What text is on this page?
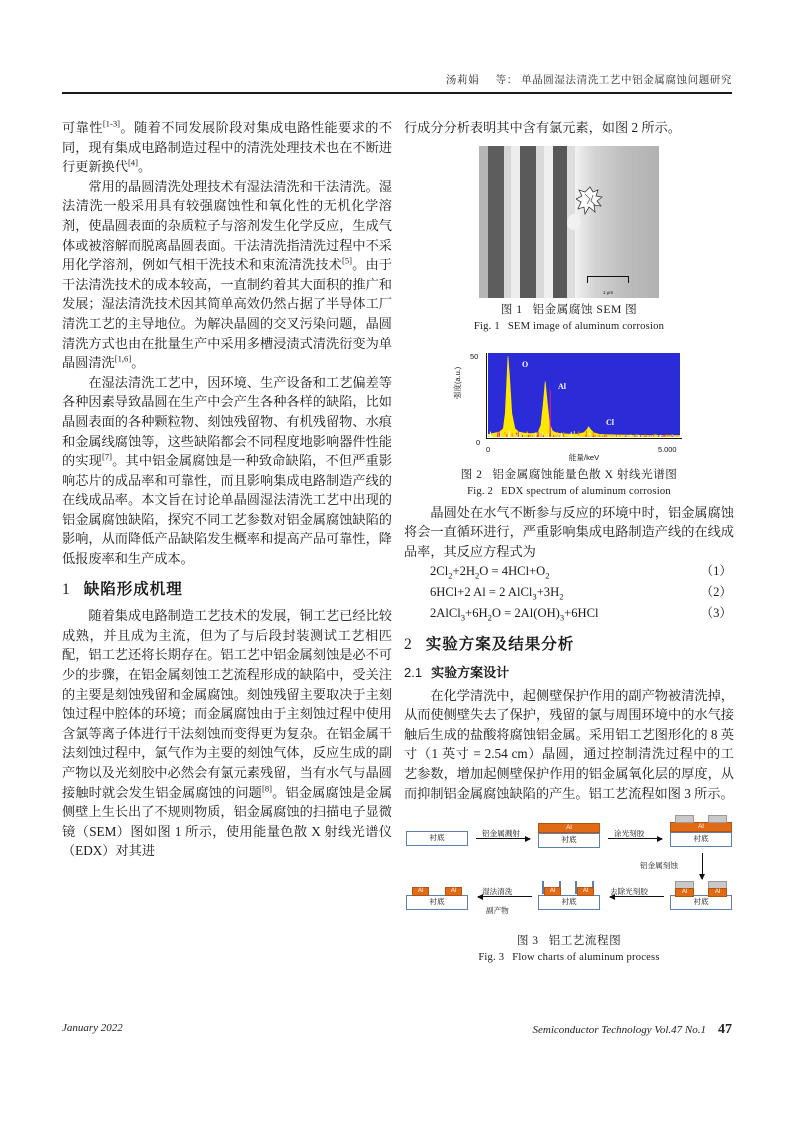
汤莉娟 等： 单晶圆湿法清洗工艺中铝金属腐蚀问题研究

可靠性[1-3]。随着不同发展阶段对集成电路性能要求的不同，现有集成电路制造过程中的清洗处理技术也在不断进行更新换代[4]。

常用的晶圆清洗处理技术有湿法清洗和干法清洗。湿法清洗一般采用具有较强腐蚀性和氧化性的无机化学溶剂，使晶圆表面的杂质粒子与溶剂发生化学反应，生成气体或被溶解而脱离晶圆表面。干法清洗指清洗过程中不采用化学溶剂，例如气相干洗技术和束流清洗技术[5]。由于干法清洗技术的成本较高，一直制约着其大面积的推广和发展；湿法清洗技术因其简单高效仍然占据了半导体工厂清洗工艺的主导地位。为解决晶圆的交叉污染问题，晶圆清洗方式也由在批量生产中采用多槽浸渍式清洗衍变为单晶圆清洗[1,6]。

在湿法清洗工艺中，因环境、生产设备和工艺偏差等各种因素导致晶圆在生产中会产生各种各样的缺陷，比如晶圆表面的各种颗粒物、刻蚀残留物、有机残留物、水痕和金属线腐蚀等，这些缺陷都会不同程度地影响器件性能的实现[7]。其中铝金属腐蚀是一种致命缺陷，不但严重影响芯片的成品率和可靠性，而且影响集成电路制造产线的在线成品率。本文旨在讨论单晶圆湿法清洗工艺中出现的铝金属腐蚀缺陷，探究不同工艺参数对铝金属腐蚀缺陷的影响，从而降低产品缺陷发生概率和提高产品可靠性，降低报废率和生产成本。

1 缺陷形成机理

随着集成电路制造工艺技术的发展，铜工艺已经比较成熟，并且成为主流，但为了与后段封装测试工艺相匹配，铝工艺还将长期存在。铝工艺中铝金属刻蚀是必不可少的步骤，在铝金属刻蚀工艺流程形成的缺陷中，受关注的主要是刻蚀残留和金属腐蚀。刻蚀残留主要取决于主刻蚀过程中腔体的环境；而金属腐蚀由于主刻蚀过程中使用含氯等离子体进行干法刻蚀而变得更为复杂。在铝金属干法刻蚀过程中，氯气作为主要的刻蚀气体，反应生成的副产物以及光刻胶中必然会有氯元素残留，当有水气与晶圆接触时就会发生铝金属腐蚀的问题[8]。铝金属腐蚀是金属侧壁上生长出了不规则物质，铝金属腐蚀的扫描电子显微镜（SEM）图如图 1 所示，使用能量色散 X 射线光谱仪（EDX）对其进

行成分分析表明其中含有氯元素，如图 2 所示。

1 μm
图 1 铝金属腐蚀 SEM 图
Fig. 1 SEM image of aluminum corrosion
50
0
强度(a.u.)
O
Al
Cl
5.000
0
能量/keV
图 2 铝金属腐蚀能量色散 X 射线光谱图
Fig. 2 EDX spectrum of aluminum corrosion

晶圆处在水气不断参与反应的环境中时，铝金属腐蚀将会一直循环进行，严重影响集成电路制造产线的在线成品率，其反应方程式为

$2Cl_2+2H_2O = 4HCl+O_2$	（1）
6HCl+2 Al = 2 $AlCl_3+3H_2$	（2）
$2AlCl_3+6H_2O = 2Al(OH)_3+6HCl$	（3）
2 实验方案及结果分析
2.1 实验方案设计

在化学清洗中，起侧壁保护作用的副产物被清洗掉，从而使侧壁失去了保护，残留的氯与周围环境中的水气接触后生成的盐酸将腐蚀铝金属。采用铝工艺图形化的 8 英寸（1 英寸 = 2.54 cm）晶圆，通过控制清洗过程中的工艺参数，增加起侧壁保护作用的铝金属氧化层的厚度，从而抑制铝金属腐蚀缺陷的产生。铝工艺流程如图 3 所示。

衬底	铝金属溅射
Al
衬底
涂光刻胶
Al
衬底
铝金属刻蚀
Al	Al
衬底
去除光刻胶
Al	Al
衬底
湿法清洗
副产物
Al	Al
衬底
图 3 铝工艺流程图
Fig. 3 Flow charts of aluminum process
January 2022	Semiconductor Technology Vol.47 No.1 47
